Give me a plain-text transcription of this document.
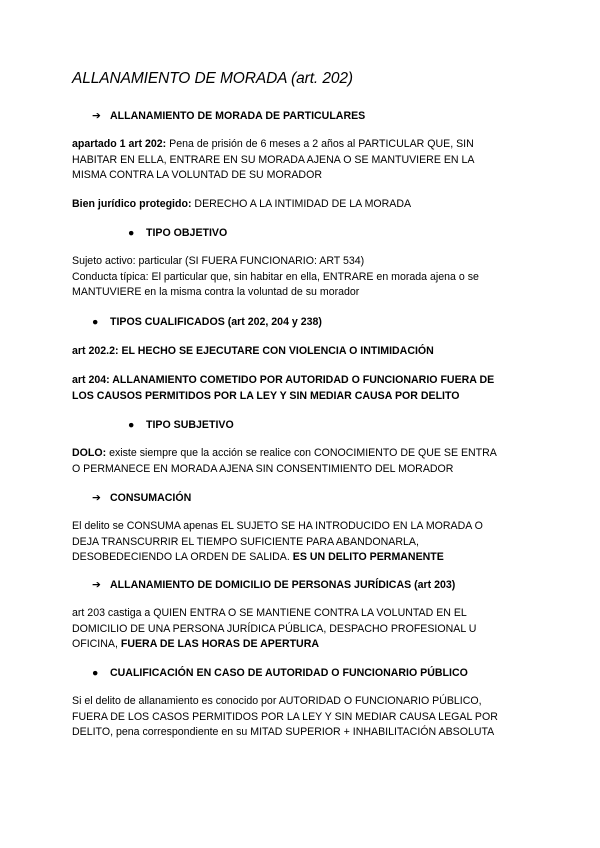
ALLANAMIENTO DE MORADA (art. 202)
➔ ALLANAMIENTO DE MORADA DE PARTICULARES
apartado 1 art 202: Pena de prisión de 6 meses a 2 años al PARTICULAR QUE, SIN
HABITAR EN ELLA, ENTRARE EN SU MORADA AJENA O SE MANTUVIERE EN LA
MISMA CONTRA LA VOLUNTAD DE SU MORADOR
Bien jurídico protegido: DERECHO A LA INTIMIDAD DE LA MORADA
● TIPO OBJETIVO
Sujeto activo: particular (SI FUERA FUNCIONARIO: ART 534)
Conducta típica: El particular que, sin habitar en ella, ENTRARE en morada ajena o se
MANTUVIERE en la misma contra la voluntad de su morador
● TIPOS CUALIFICADOS (art 202, 204 y 238)
art 202.2: EL HECHO SE EJECUTARE CON VIOLENCIA O INTIMIDACIÓN
art 204: ALLANAMIENTO COMETIDO POR AUTORIDAD O FUNCIONARIO FUERA DE
LOS CAUSOS PERMITIDOS POR LA LEY Y SIN MEDIAR CAUSA POR DELITO
● TIPO SUBJETIVO
DOLO: existe siempre que la acción se realice con CONOCIMIENTO DE QUE SE ENTRA
O PERMANECE EN MORADA AJENA SIN CONSENTIMIENTO DEL MORADOR
➔ CONSUMACIÓN
El delito se CONSUMA apenas EL SUJETO SE HA INTRODUCIDO EN LA MORADA O
DEJA TRANSCURRIR EL TIEMPO SUFICIENTE PARA ABANDONARLA,
DESOBEDECIENDO LA ORDEN DE SALIDA. ES UN DELITO PERMANENTE
➔ ALLANAMIENTO DE DOMICILIO DE PERSONAS JURÍDICAS (art 203)
art 203 castiga a QUIEN ENTRA O SE MANTIENE CONTRA LA VOLUNTAD EN EL
DOMICILIO DE UNA PERSONA JURÍDICA PÚBLICA, DESPACHO PROFESIONAL U
OFICINA, FUERA DE LAS HORAS DE APERTURA
● CUALIFICACIÓN EN CASO DE AUTORIDAD O FUNCIONARIO PÚBLICO
Si el delito de allanamiento es conocido por AUTORIDAD O FUNCIONARIO PÚBLICO,
FUERA DE LOS CASOS PERMITIDOS POR LA LEY Y SIN MEDIAR CAUSA LEGAL POR
DELITO, pena correspondiente en su MITAD SUPERIOR + INHABILITACIÓN ABSOLUTA
